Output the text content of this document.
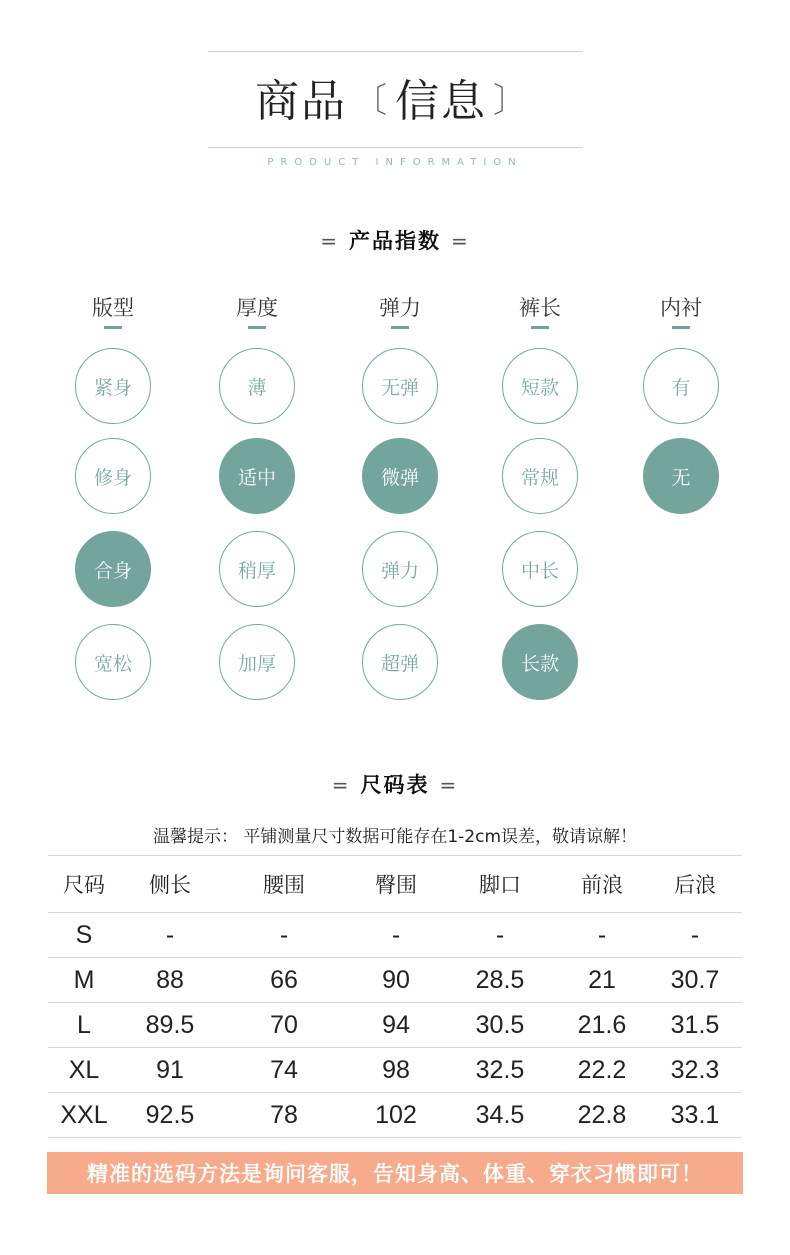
商品 〔 信息 〕
PRODUCT INFORMATION
= 产品指数 =
版型
紧身
修身
合身
宽松
厚度
薄
适中
稍厚
加厚
弹力
无弹
微弹
弹力
超弹
裤长
短款
常规
中长
长款
内衬
有
无
= 尺码表 =
温馨提示： 平铺测量尺寸数据可能存在1-2cm误差，敬请谅解！
尺码	侧长	腰围	臀围	脚口	前浪	后浪
S	-	-	-	-	-	-
M	88	66	90	28.5	21	30.7
L	89.5	70	94	30.5	21.6	31.5
XL	91	74	98	32.5	22.2	32.3
XXL	92.5	78	102	34.5	22.8	33.1
精准的选码方法是询问客服，告知身高、体重、穿衣习惯即可！
